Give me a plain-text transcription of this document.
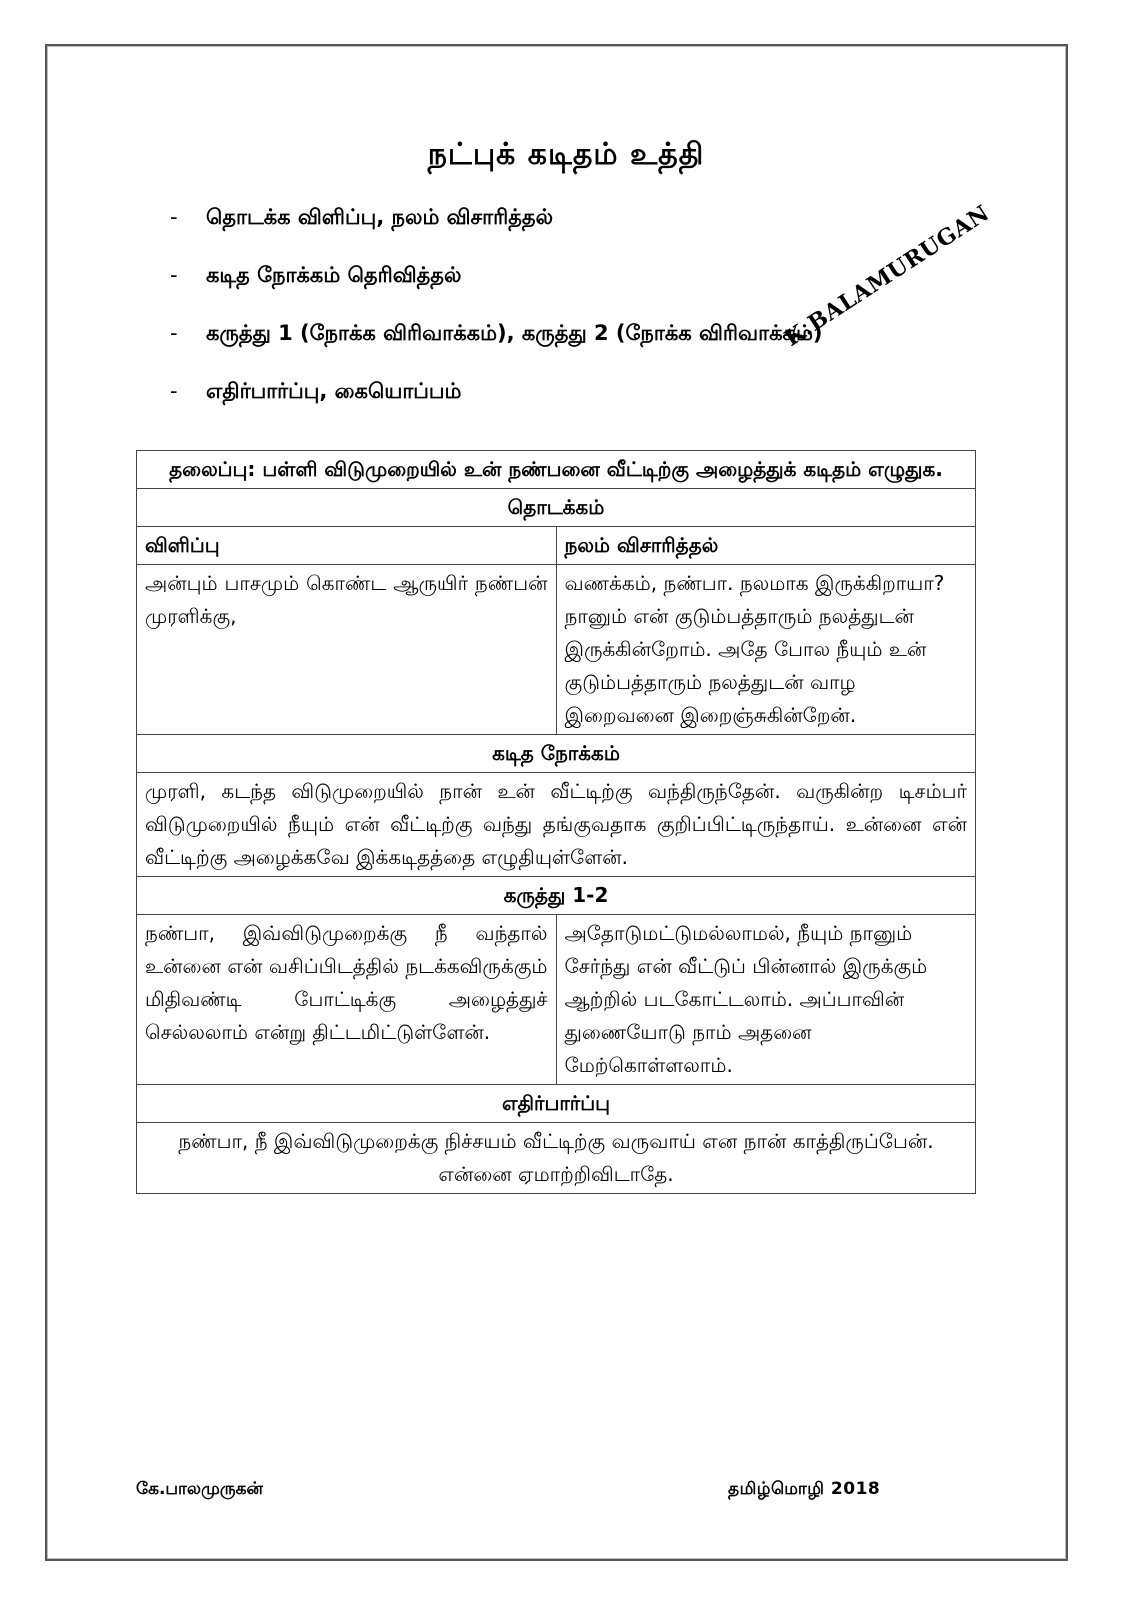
நட்புக் கடிதம் உத்தி
- தொடக்க விளிப்பு, நலம் விசாரித்தல்
- கடித நோக்கம் தெரிவித்தல்
- கருத்து 1 (நோக்க விரிவாக்கம்), கருத்து 2 (நோக்க விரிவாக்கம்)
- எதிர்பார்ப்பு, கையொப்பம்
K.BALAMURUGAN
தலைப்பு: பள்ளி விடுமுறையில் உன் நண்பனை வீட்டிற்கு அழைத்துக் கடிதம் எழுதுக.	
தொடக்கம்	
விளிப்பு	நலம் விசாரித்தல்
அன்பும் பாசமும் கொண்ட ஆருயிர் நண்பன் முரளிக்கு,	வணக்கம், நண்பா. நலமாக இருக்கிறாயா? நானும் என் குடும்பத்தாரும் நலத்துடன் இருக்கின்றோம். அதே போல நீயும் உன் குடும்பத்தாரும் நலத்துடன் வாழ இறைவனை இறைஞ்சுகின்றேன்.
கடித நோக்கம்	
முரளி, கடந்த விடுமுறையில் நான் உன் வீட்டிற்கு வந்திருந்தேன். வருகின்ற டிசம்பர் விடுமுறையில் நீயும் என் வீட்டிற்கு வந்து தங்குவதாக குறிப்பிட்டிருந்தாய். உன்னை என் வீட்டிற்கு அழைக்கவே இக்கடிதத்தை எழுதியுள்ளேன்.	
கருத்து 1-2	
நண்பா, இவ்விடுமுறைக்கு நீ வந்தால் உன்னை என் வசிப்பிடத்தில் நடக்கவிருக்கும் மிதிவண்டி போட்டிக்கு அழைத்துச் செல்லலாம் என்று திட்டமிட்டுள்ளேன்.	அதோடுமட்டுமல்லாமல், நீயும் நானும் சேர்ந்து என் வீட்டுப் பின்னால் இருக்கும் ஆற்றில் படகோட்டலாம். அப்பாவின் துணையோடு நாம் அதனை மேற்கொள்ளலாம்.
எதிர்பார்ப்பு	
நண்பா, நீ இவ்விடுமுறைக்கு நிச்சயம் வீட்டிற்கு வருவாய் என நான் காத்திருப்பேன். என்னை ஏமாற்றிவிடாதே.	
கே.பாலமுருகன்	தமிழ்மொழி 2018
